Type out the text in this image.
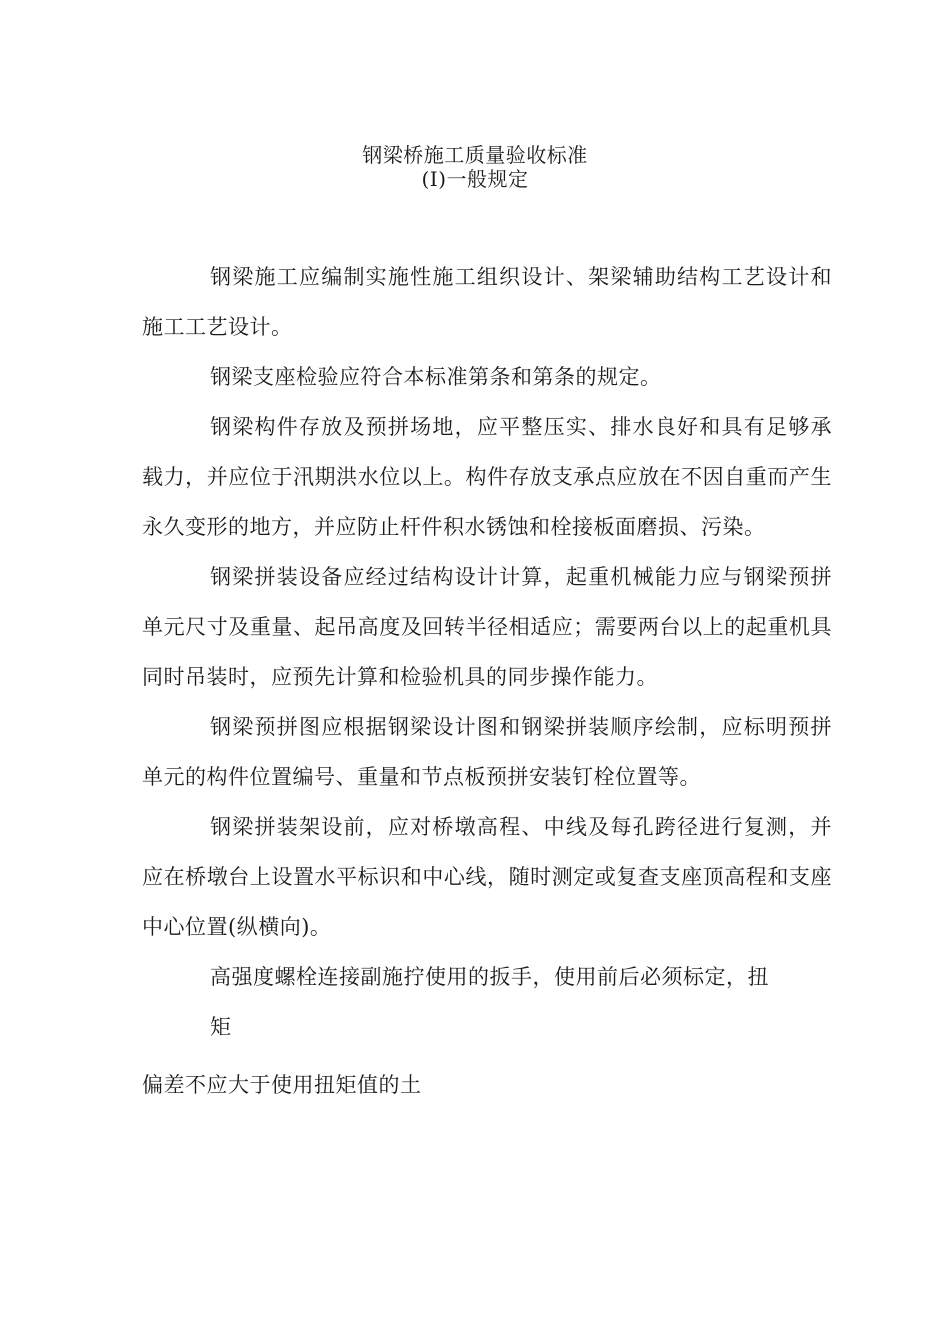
钢梁桥施工质量验收标准
(I)一般规定

钢梁施工应编制实施性施工组织设计、架梁辅助结构工艺设计和施工工艺设计。

钢梁支座检验应符合本标准第条和第条的规定。

钢梁构件存放及预拼场地，应平整压实、排水良好和具有足够承载力，并应位于汛期洪水位以上。构件存放支承点应放在不因自重而产生永久变形的地方，并应防止杆件积水锈蚀和栓接板面磨损、污染。

钢梁拼装设备应经过结构设计计算，起重机械能力应与钢梁预拼单元尺寸及重量、起吊高度及回转半径相适应；需要两台以上的起重机具同时吊装时，应预先计算和检验机具的同步操作能力。

钢梁预拼图应根据钢梁设计图和钢梁拼装顺序绘制，应标明预拼单元的构件位置编号、重量和节点板预拼安装钉栓位置等。

钢梁拼装架设前，应对桥墩高程、中线及每孔跨径进行复测，并应在桥墩台上设置水平标识和中心线，随时测定或复查支座顶高程和支座中心位置(纵横向)。

高强度螺栓连接副施拧使用的扳手，使用前后必须标定，扭

矩

偏差不应大于使用扭矩值的土
